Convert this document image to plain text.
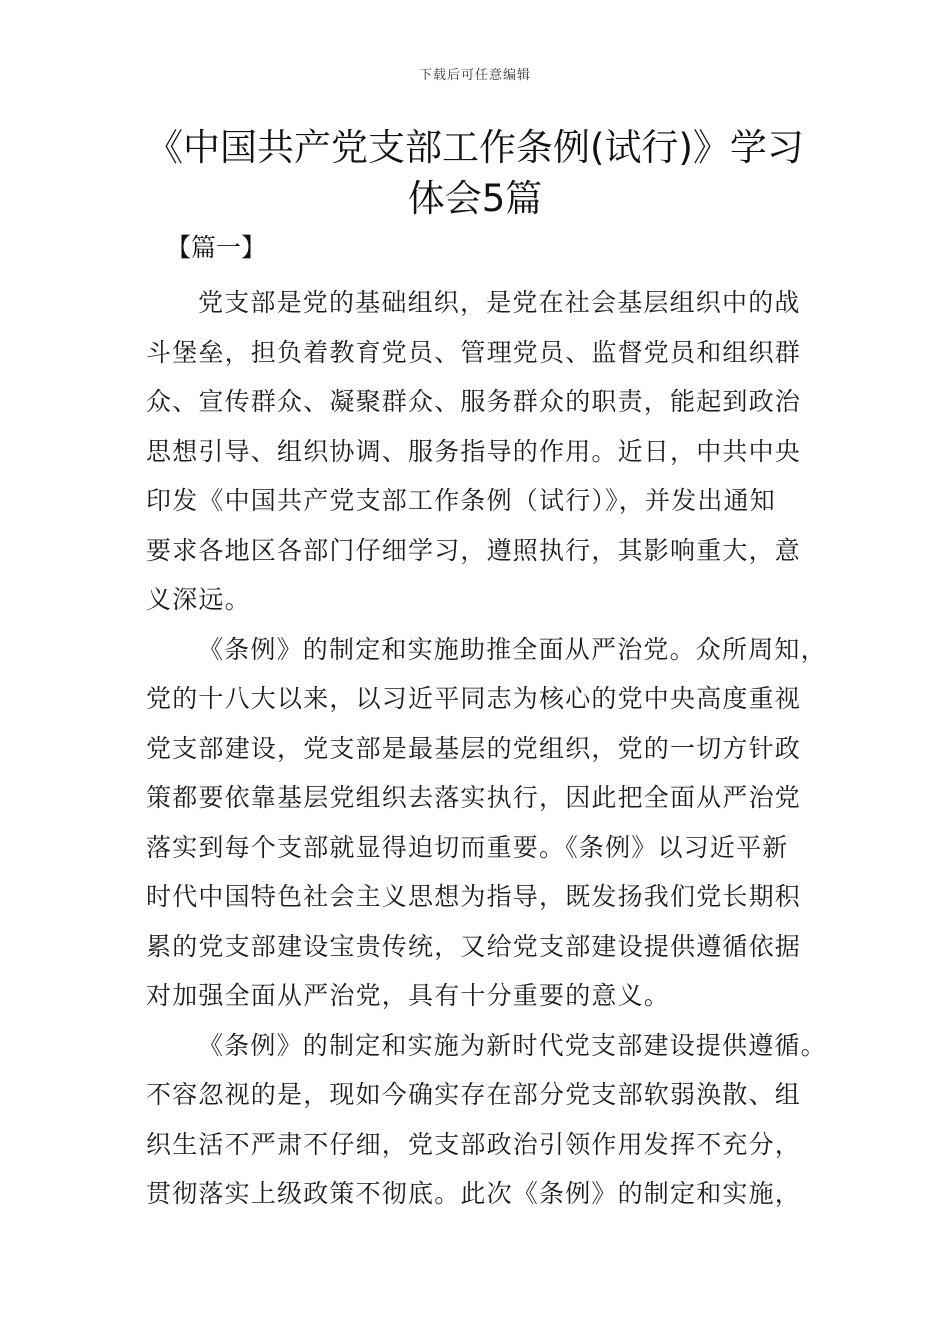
下载后可任意编辑
《中国共产党支部工作条例(试行)》学习
体会5篇
【篇一】

党支部是党的基础组织，是党在社会基层组织中的战
斗堡垒，担负着教育党员、管理党员、监督党员和组织群
众、宣传群众、凝聚群众、服务群众的职责，能起到政治
思想引导、组织协调、服务指导的作用。近日，中共中央
印发《中国共产党支部工作条例（试行）》，并发出通知
要求各地区各部门仔细学习，遵照执行，其影响重大，意
义深远。

《条例》的制定和实施助推全面从严治党。众所周知，
党的十八大以来，以习近平同志为核心的党中央高度重视
党支部建设，党支部是最基层的党组织，党的一切方针政
策都要依靠基层党组织去落实执行，因此把全面从严治党
落实到每个支部就显得迫切而重要。《条例》以习近平新
时代中国特色社会主义思想为指导，既发扬我们党长期积
累的党支部建设宝贵传统，又给党支部建设提供遵循依据
对加强全面从严治党，具有十分重要的意义。

《条例》的制定和实施为新时代党支部建设提供遵循。
不容忽视的是，现如今确实存在部分党支部软弱涣散、组
织生活不严肃不仔细，党支部政治引领作用发挥不充分，
贯彻落实上级政策不彻底。此次《条例》的制定和实施，
